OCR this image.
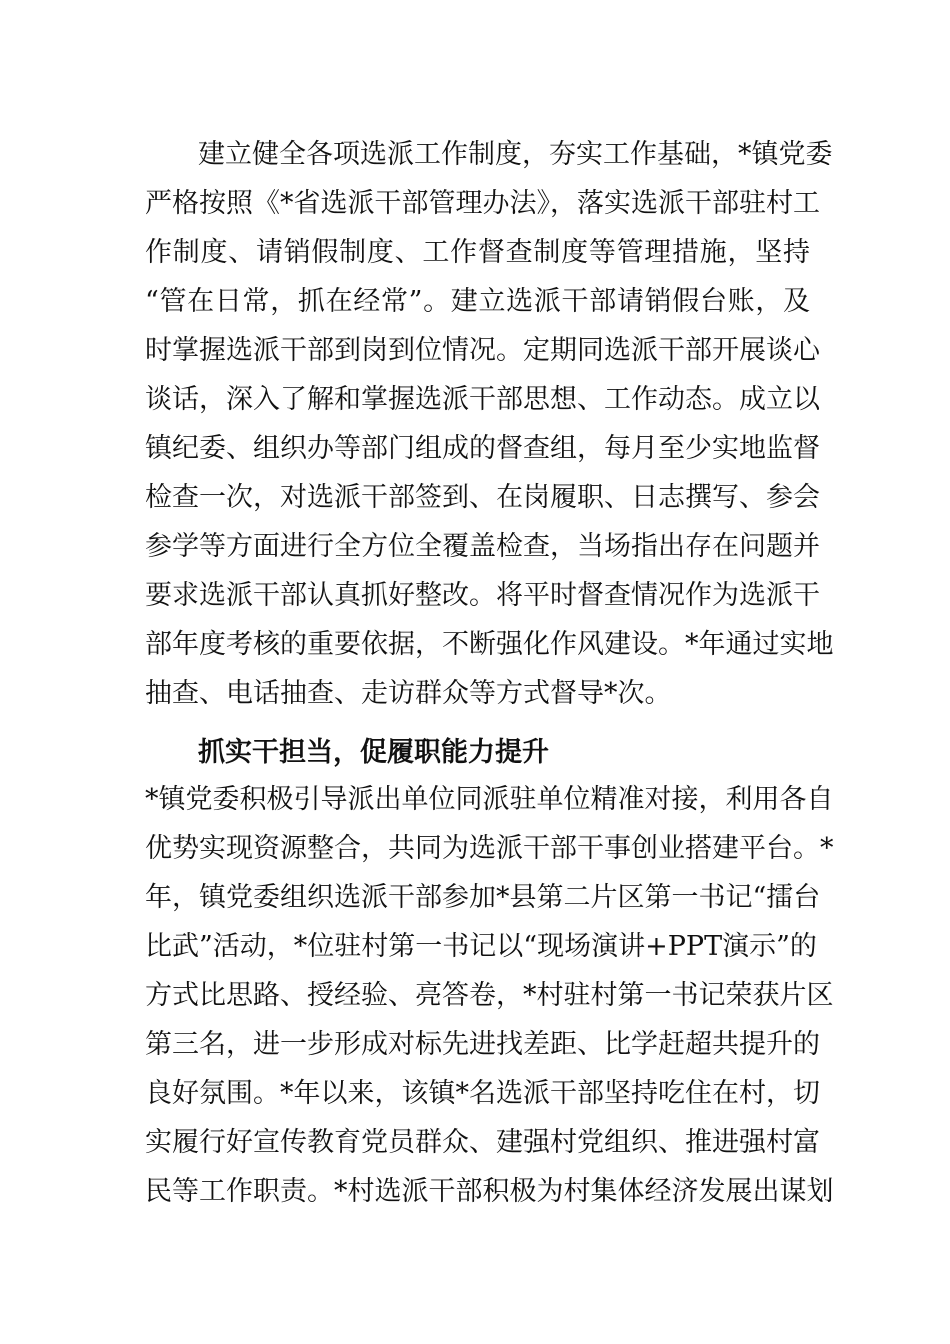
建立健全各项选派工作制度，夯实工作基础，*镇党委
严格按照《*省选派干部管理办法》，落实选派干部驻村工
作制度、请销假制度、工作督查制度等管理措施，坚持
“管在日常，抓在经常”。建立选派干部请销假台账，及
时掌握选派干部到岗到位情况。定期同选派干部开展谈心
谈话，深入了解和掌握选派干部思想、工作动态。成立以
镇纪委、组织办等部门组成的督查组，每月至少实地监督
检查一次，对选派干部签到、在岗履职、日志撰写、参会
参学等方面进行全方位全覆盖检查，当场指出存在问题并
要求选派干部认真抓好整改。将平时督查情况作为选派干
部年度考核的重要依据，不断强化作风建设。*年通过实地
抽查、电话抽查、走访群众等方式督导*次。
抓实干担当，促履职能力提升
*镇党委积极引导派出单位同派驻单位精准对接，利用各自
优势实现资源整合，共同为选派干部干事创业搭建平台。*
年，镇党委组织选派干部参加*县第二片区第一书记“擂台
比武”活动，*位驻村第一书记以“现场演讲+PPT演示”的
方式比思路、授经验、亮答卷，*村驻村第一书记荣获片区
第三名，进一步形成对标先进找差距、比学赶超共提升的
良好氛围。*年以来，该镇*名选派干部坚持吃住在村，切
实履行好宣传教育党员群众、建强村党组织、推进强村富
民等工作职责。*村选派干部积极为村集体经济发展出谋划
